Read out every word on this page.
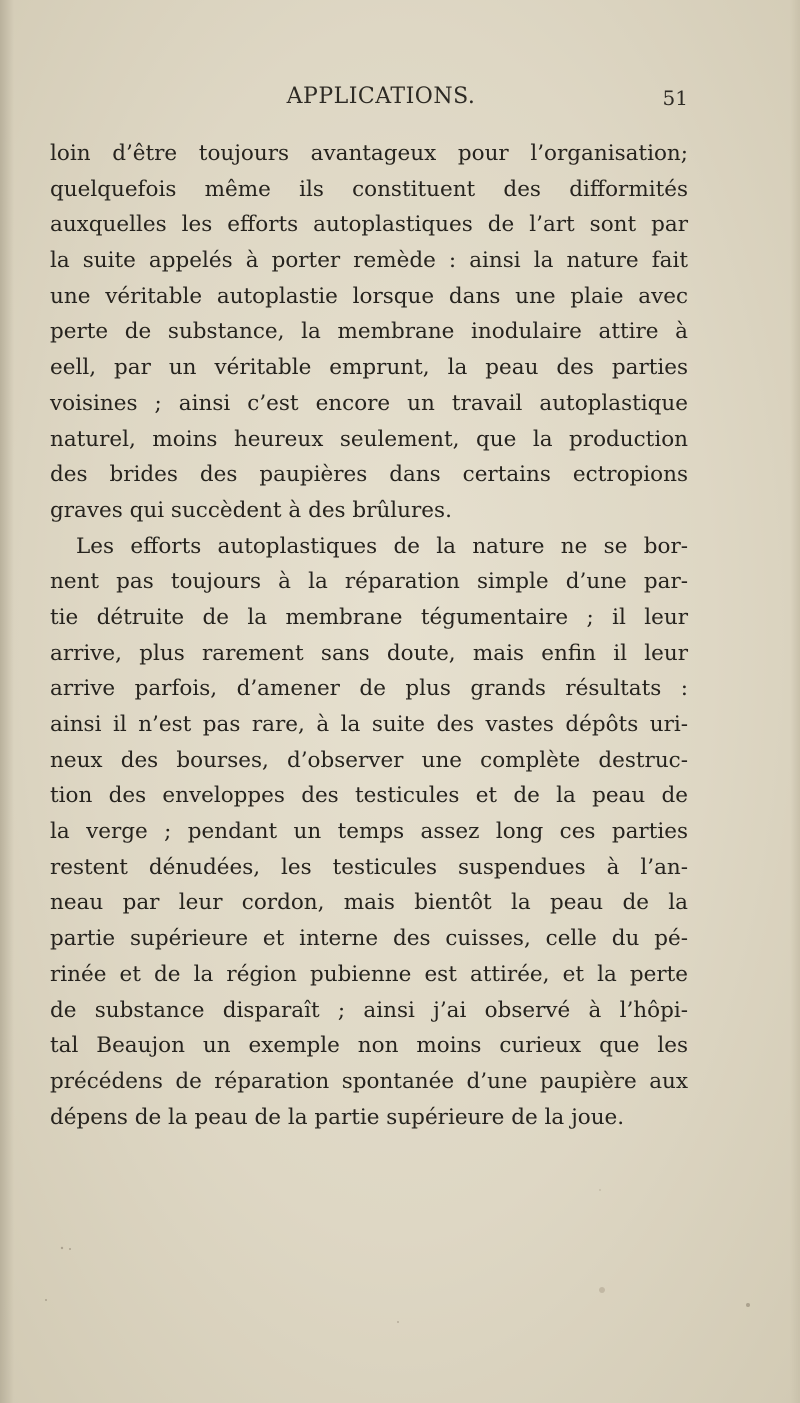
APPLICATIONS.	51
loin d’être toujours avantageux pour l’organisation;
quelquefois même ils constituent des difformités
auxquelles les efforts autoplastiques de l’art sont par
la suite appelés à porter remède : ainsi la nature fait
une véritable autoplastie lorsque dans une plaie avec
perte de substance, la membrane inodulaire attire à
eell, par un véritable emprunt, la peau des parties
voisines ; ainsi c’est encore un travail autoplastique
naturel, moins heureux seulement, que la production
des brides des paupières dans certains ectropions
graves qui succèdent à des brûlures.
Les efforts autoplastiques de la nature ne se bor-
nent pas toujours à la réparation simple d’une par-
tie détruite de la membrane tégumentaire ; il leur
arrive, plus rarement sans doute, mais enfin il leur
arrive parfois, d’amener de plus grands résultats :
ainsi il n’est pas rare, à la suite des vastes dépôts uri-
neux des bourses, d’observer une complète destruc-
tion des enveloppes des testicules et de la peau de
la verge ; pendant un temps assez long ces parties
restent dénudées, les testicules suspendues à l’an-
neau par leur cordon, mais bientôt la peau de la
partie supérieure et interne des cuisses, celle du pé-
rinée et de la région pubienne est attirée, et la perte
de substance disparaît ; ainsi j’ai observé à l’hôpi-
tal Beaujon un exemple non moins curieux que les
précédens de réparation spontanée d’une paupière aux
dépens de la peau de la partie supérieure de la joue.
